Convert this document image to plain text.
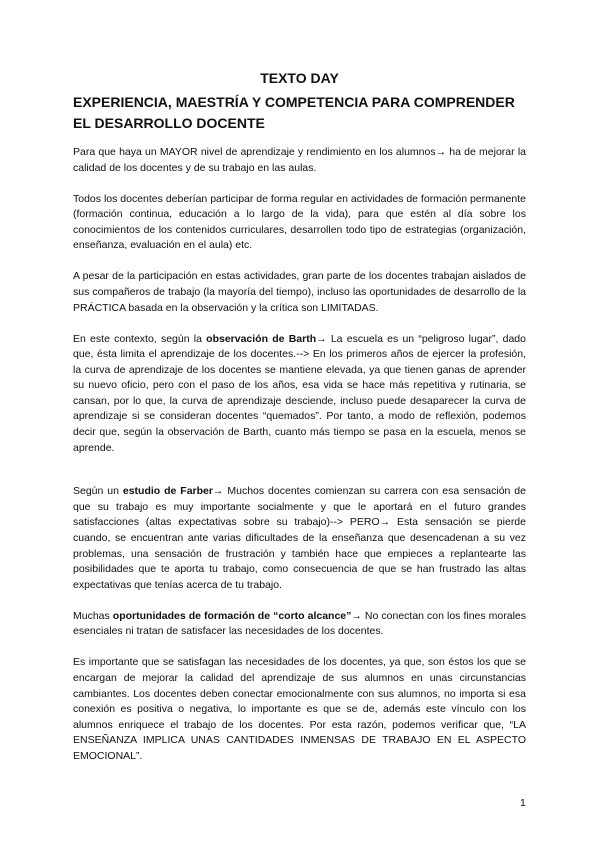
TEXTO DAY
EXPERIENCIA, MAESTRÍA Y COMPETENCIA PARA COMPRENDER EL DESARROLLO DOCENTE

Para que haya un MAYOR nivel de aprendizaje y rendimiento en los alumnos→ ha de mejorar la calidad de los docentes y de su trabajo en las aulas.

Todos los docentes deberían participar de forma regular en actividades de formación permanente (formación continua, educación a lo largo de la vida), para que estén al día sobre los conocimientos de los contenidos curriculares, desarrollen todo tipo de estrategias (organización, enseñanza, evaluación en el aula) etc.

A pesar de la participación en estas actividades, gran parte de los docentes trabajan aislados de sus compañeros de trabajo (la mayoría del tiempo), incluso las oportunidades de desarrollo de la PRÁCTICA basada en la observación y la crítica son LIMITADAS.

En este contexto, según la observación de Barth→ La escuela es un “peligroso lugar”, dado que, ésta limita el aprendizaje de los docentes.--> En los primeros años de ejercer la profesión, la curva de aprendizaje de los docentes se mantiene elevada, ya que tienen ganas de aprender su nuevo oficio, pero con el paso de los años, esa vida se hace más repetitiva y rutinaria, se cansan, por lo que, la curva de aprendizaje desciende, incluso puede desaparecer la curva de aprendizaje si se consideran docentes “quemados”. Por tanto, a modo de reflexión, podemos decir que, según la observación de Barth, cuanto más tiempo se pasa en la escuela, menos se aprende.

Según un estudio de Farber→ Muchos docentes comienzan su carrera con esa sensación de que su trabajo es muy importante socialmente y que le aportará en el futuro grandes satisfacciones (altas expectativas sobre su trabajo)--> PERO→ Esta sensación se pierde cuando, se encuentran ante varias dificultades de la enseñanza que desencadenan a su vez problemas, una sensación de frustración y también hace que empieces a replantearte las posibilidades que te aporta tu trabajo, como consecuencia de que se han frustrado las altas expectativas que tenías acerca de tu trabajo.

Muchas oportunidades de formación de “corto alcance”→ No conectan con los fines morales esenciales ni tratan de satisfacer las necesidades de los docentes.

Es importante que se satisfagan las necesidades de los docentes, ya que, son éstos los que se encargan de mejorar la calidad del aprendizaje de sus alumnos en unas circunstancias cambiantes. Los docentes deben conectar emocionalmente con sus alumnos, no importa si esa conexión es positiva o negativa, lo importante es que se de, además este vínculo con los alumnos enriquece el trabajo de los docentes. Por esta razón, podemos verificar que, “LA ENSEÑANZA IMPLICA UNAS CANTIDADES INMENSAS DE TRABAJO EN EL ASPECTO EMOCIONAL”.

1
